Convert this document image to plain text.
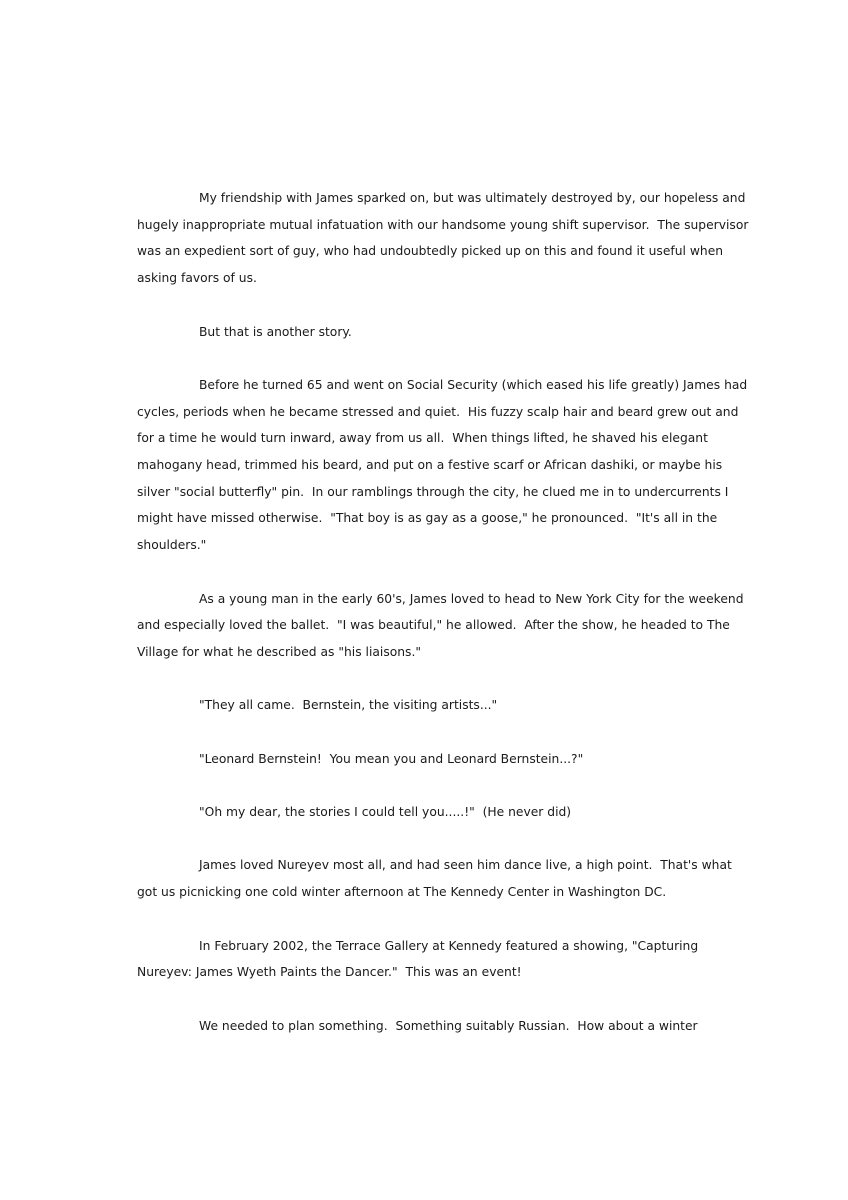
My friendship with James sparked on, but was ultimately destroyed by, our hopeless and hugely inappropriate mutual infatuation with our handsome young shift supervisor.  The supervisor was an expedient sort of guy, who had undoubtedly picked up on this and found it useful when asking favors of us.

But that is another story.

Before he turned 65 and went on Social Security (which eased his life greatly) James had cycles, periods when he became stressed and quiet.  His fuzzy scalp hair and beard grew out and for a time he would turn inward, away from us all.  When things lifted, he shaved his elegant mahogany head, trimmed his beard, and put on a festive scarf or African dashiki, or maybe his silver "social butterfly" pin.  In our ramblings through the city, he clued me in to undercurrents I might have missed otherwise.  "That boy is as gay as a goose," he pronounced.  "It's all in the shoulders."

As a young man in the early 60's, James loved to head to New York City for the weekend and especially loved the ballet.  "I was beautiful," he allowed.  After the show, he headed to The Village for what he described as "his liaisons."

"They all came.  Bernstein, the visiting artists..."

"Leonard Bernstein!  You mean you and Leonard Bernstein...?"

"Oh my dear, the stories I could tell you.....!"  (He never did)

James loved Nureyev most all, and had seen him dance live, a high point.  That's what got us picnicking one cold winter afternoon at The Kennedy Center in Washington DC.

In February 2002, the Terrace Gallery at Kennedy featured a showing, "Capturing Nureyev: James Wyeth Paints the Dancer."  This was an event!

We needed to plan something.  Something suitably Russian.  How about a winter
